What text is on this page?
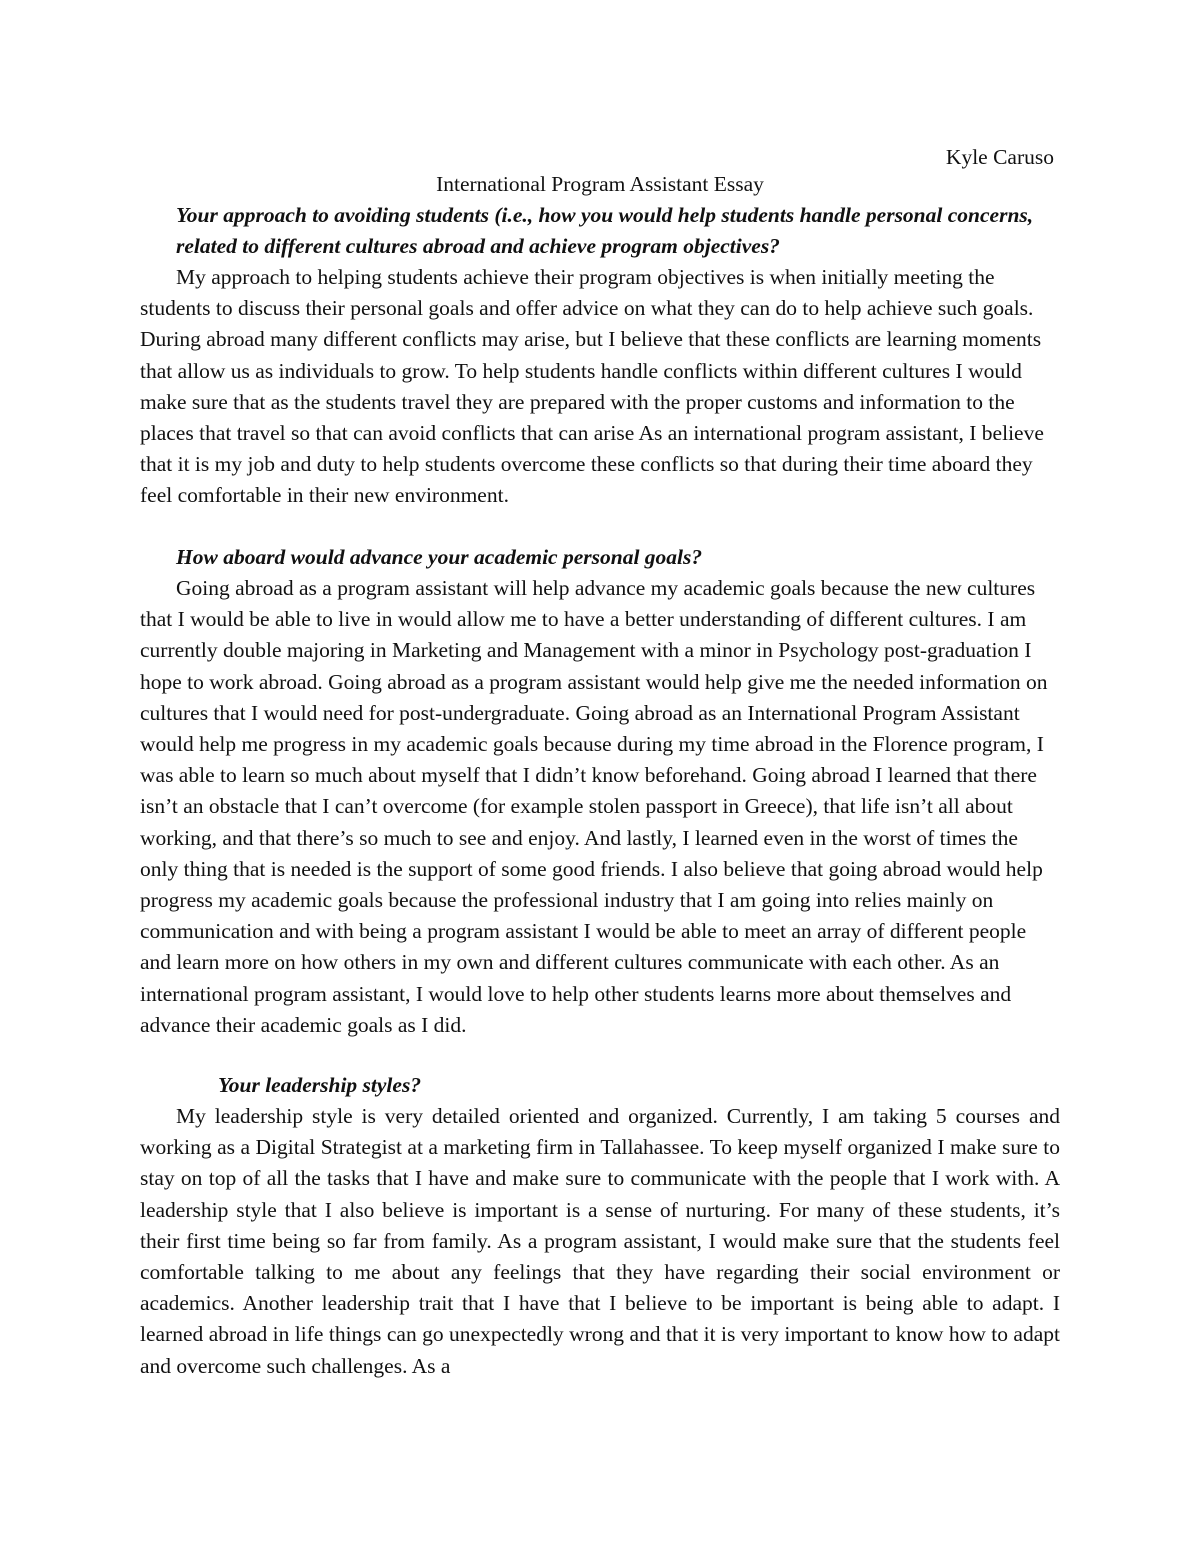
Kyle Caruso
International Program Assistant Essay

Your approach to avoiding students (i.e., how you would help students handle personal concerns, related to different cultures abroad and achieve program objectives?

My approach to helping students achieve their program objectives is when initially meeting the students to discuss their personal goals and offer advice on what they can do to help achieve such goals. During abroad many different conflicts may arise, but I believe that these conflicts are learning moments that allow us as individuals to grow. To help students handle conflicts within different cultures I would make sure that as the students travel they are prepared with the proper customs and information to the places that travel so that can avoid conflicts that can arise As an international program assistant, I believe that it is my job and duty to help students overcome these conflicts so that during their time aboard they feel comfortable in their new environment.

How aboard would advance your academic personal goals?

Going abroad as a program assistant will help advance my academic goals because the new cultures that I would be able to live in would allow me to have a better understanding of different cultures. I am currently double majoring in Marketing and Management with a minor in Psychology post-graduation I hope to work abroad. Going abroad as a program assistant would help give me the needed information on cultures that I would need for post-undergraduate. Going abroad as an International Program Assistant would help me progress in my academic goals because during my time abroad in the Florence program, I was able to learn so much about myself that I didn’t know beforehand. Going abroad I learned that there isn’t an obstacle that I can’t overcome (for example stolen passport in Greece), that life isn’t all about working, and that there’s so much to see and enjoy. And lastly, I learned even in the worst of times the only thing that is needed is the support of some good friends. I also believe that going abroad would help progress my academic goals because the professional industry that I am going into relies mainly on communication and with being a program assistant I would be able to meet an array of different people and learn more on how others in my own and different cultures communicate with each other. As an international program assistant, I would love to help other students learns more about themselves and advance their academic goals as I did.

Your leadership styles?

My leadership style is very detailed oriented and organized. Currently, I am taking 5 courses and working as a Digital Strategist at a marketing firm in Tallahassee. To keep myself organized I make sure to stay on top of all the tasks that I have and make sure to communicate with the people that I work with. A leadership style that I also believe is important is a sense of nurturing. For many of these students, it’s their first time being so far from family. As a program assistant, I would make sure that the students feel comfortable talking to me about any feelings that they have regarding their social environment or academics. Another leadership trait that I have that I believe to be important is being able to adapt. I learned abroad in life things can go unexpectedly wrong and that it is very important to know how to adapt and overcome such challenges. As a
